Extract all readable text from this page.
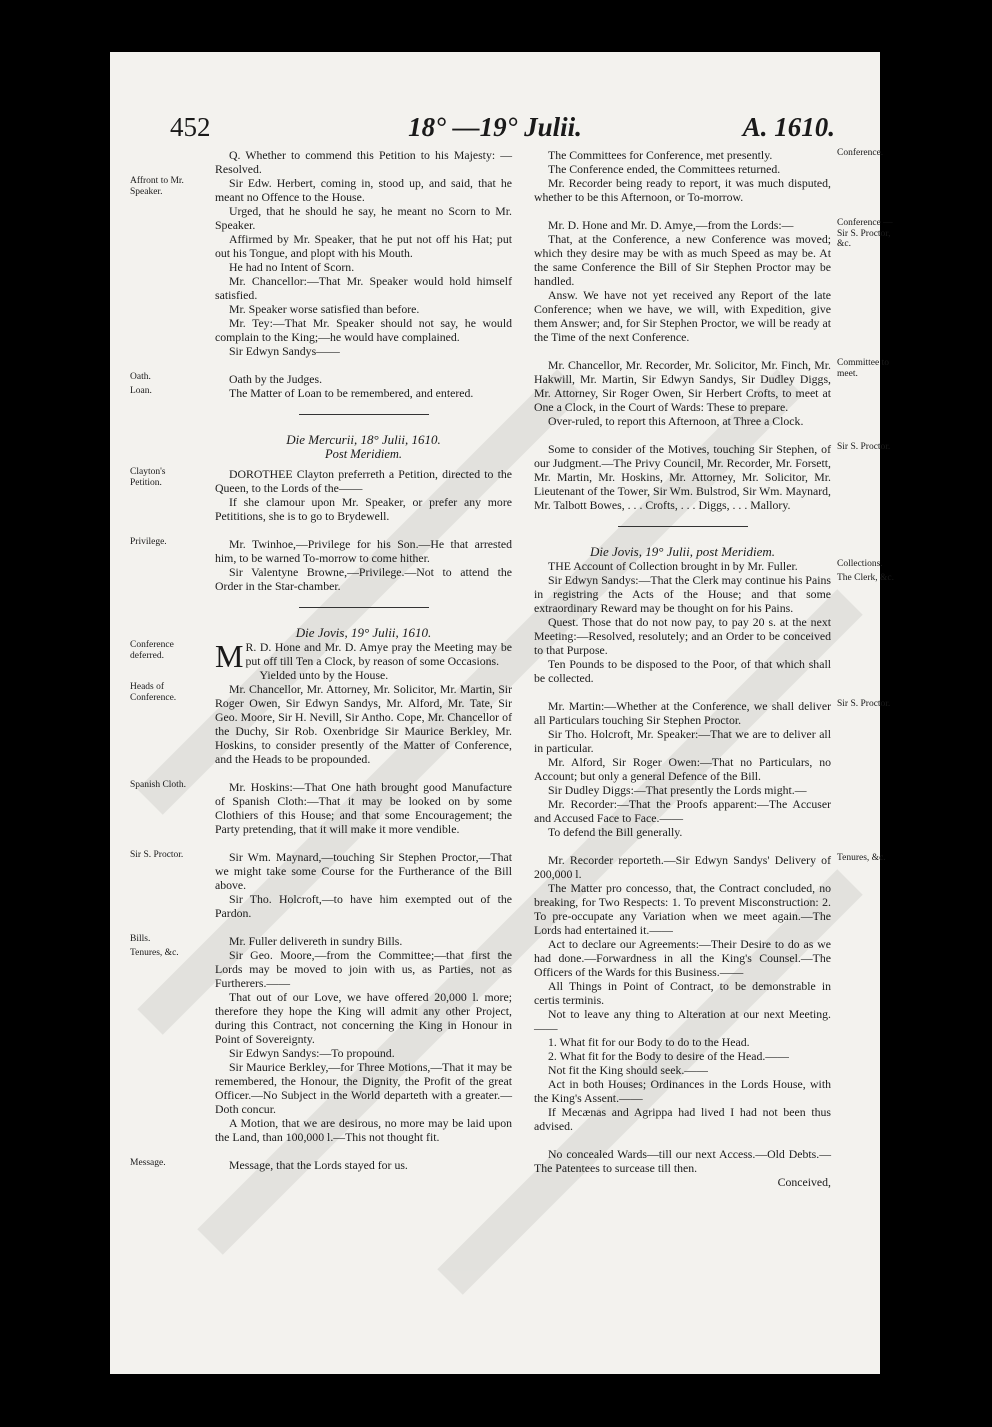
452	18° —19° Julii.	A. 1610.

Q. Whether to commend this Petition to his Majesty: —Resolved.

Affront to Mr. Speaker.
Sir Edw. Herbert, coming in, stood up, and said, that he meant no Offence to the House.

Urged, that he should he say, he meant no Scorn to Mr. Speaker.

Affirmed by Mr. Speaker, that he put not off his Hat; put out his Tongue, and plopt with his Mouth.

He had no Intent of Scorn.

Mr. Chancellor:—That Mr. Speaker would hold himself satisfied.

Mr. Speaker worse satisfied than before.

Mr. Tey:—That Mr. Speaker should not say, he would complain to the King;—he would have complained.

Sir Edwyn Sandys——

Oath.	Oath by the Judges.

Loan.	The Matter of Loan to be remembered, and entered.

Die Mercurii, 18° Julii, 1610.

Post Meridiem.

Clayton's Petition.
DOROTHEE Clayton preferreth a Petition, directed to the Queen, to the Lords of the——

If she clamour upon Mr. Speaker, or prefer any more Petititions, she is to go to Brydewell.

Privilege.	Mr. Twinhoe,—Privilege for his Son.—He that arrested him, to be warned To-morrow to come hither.

Sir Valentyne Browne,—Privilege.—Not to attend the Order in the Star-chamber.

Die Jovis, 19° Julii, 1610.

Conference deferred.	M R. D. Hone and Mr. D. Amye pray the Meeting may be put off till Ten a Clock, by reason of some Occasions.

Yielded unto by the House.

Heads of Conference.
Mr. Chancellor, Mr. Attorney, Mr. Solicitor, Mr. Martin, Sir Roger Owen, Sir Edwyn Sandys, Mr. Alford, Mr. Tate, Sir Geo. Moore, Sir H. Nevill, Sir Antho. Cope, Mr. Chancellor of the Duchy, Sir Rob. Oxenbridge Sir Maurice Berkley, Mr. Hoskins, to consider presently of the Matter of Conference, and the Heads to be propounded.

Spanish Cloth.	Mr. Hoskins:—That One hath brought good Manufacture of Spanish Cloth:—That it may be looked on by some Clothiers of this House; and that some Encouragement; the Party pretending, that it will make it more vendible.

Sir S. Proctor.	Sir Wm. Maynard,—touching Sir Stephen Proctor,—That we might take some Course for the Furtherance of the Bill above.

Sir Tho. Holcroft,—to have him exempted out of the Pardon.

Bills.	Mr. Fuller delivereth in sundry Bills.

Tenures, &c.	Sir Geo. Moore,—from the Committee;—that first the Lords may be moved to join with us, as Parties, not as Furtherers.——

That out of our Love, we have offered 20,000 l. more; therefore they hope the King will admit any other Project, during this Contract, not concerning the King in Honour in Point of Sovereignty.

Sir Edwyn Sandys:—To propound.

Sir Maurice Berkley,—for Three Motions,—That it may be remembered, the Honour, the Dignity, the Profit of the great Officer.—No Subject in the World departeth with a greater.—Doth concur.

A Motion, that we are desirous, no more may be laid upon the Land, than 100,000 l.—This not thought fit.

Message.	Message, that the Lords stayed for us.

Conference.
The Committees for Conference, met presently.

The Conference ended, the Committees returned.

Mr. Recorder being ready to report, it was much disputed, whether to be this Afternoon, or To-morrow.

Conference —Sir S. Proctor, &c.
Mr. D. Hone and Mr. D. Amye,—from the Lords:—

That, at the Conference, a new Conference was moved; which they desire may be with as much Speed as may be. At the same Conference the Bill of Sir Stephen Proctor may be handled.

Answ. We have not yet received any Report of the late Conference; when we have, we will, with Expedition, give them Answer; and, for Sir Stephen Proctor, we will be ready at the Time of the next Conference.

Committee to meet.
Mr. Chancellor, Mr. Recorder, Mr. Solicitor, Mr. Finch, Mr. Hakwill, Mr. Martin, Sir Edwyn Sandys, Sir Dudley Diggs, Mr. Attorney, Sir Roger Owen, Sir Herbert Crofts, to meet at One a Clock, in the Court of Wards: These to prepare.

Over-ruled, to report this Afternoon, at Three a Clock.

Sir S. Proctor.
Some to consider of the Motives, touching Sir Stephen, of our Judgment.—The Privy Council, Mr. Recorder, Mr. Forsett, Mr. Martin, Mr. Hoskins, Mr. Attorney, Mr. Solicitor, Mr. Lieutenant of the Tower, Sir Wm. Bulstrod, Sir Wm. Maynard, Mr. Talbott Bowes, . . . Crofts, . . . Diggs, . . . Mallory.

Die Jovis, 19° Julii, post Meridiem.

Collections.
THE Account of Collection brought in by Mr. Fuller.

The Clerk, &c.
Sir Edwyn Sandys:—That the Clerk may continue his Pains in registring the Acts of the House; and that some extraordinary Reward may be thought on for his Pains.

Quest. Those that do not now pay, to pay 20 s. at the next Meeting:—Resolved, resolutely; and an Order to be conceived to that Purpose.

Ten Pounds to be disposed to the Poor, of that which shall be collected.

Sir S. Proctor.
Mr. Martin:—Whether at the Conference, we shall deliver all Particulars touching Sir Stephen Proctor.

Sir Tho. Holcroft, Mr. Speaker:—That we are to deliver all in particular.

Mr. Alford, Sir Roger Owen:—That no Particulars, no Account; but only a general Defence of the Bill.

Sir Dudley Diggs:—That presently the Lords might.—

Mr. Recorder:—That the Proofs apparent:—The Accuser and Accused Face to Face.——

To defend the Bill generally.

Tenures, &c.
Mr. Recorder reporteth.—Sir Edwyn Sandys' Delivery of 200,000 l.

The Matter pro concesso, that, the Contract concluded, no breaking, for Two Respects: 1. To prevent Misconstruction: 2. To pre-occupate any Variation when we meet again.—The Lords had entertained it.——

Act to declare our Agreements:—Their Desire to do as we had done.—Forwardness in all the King's Counsel.—The Officers of the Wards for this Business.——

All Things in Point of Contract, to be demonstrable in certis terminis.

Not to leave any thing to Alteration at our next Meeting.——

1. What fit for our Body to do to the Head.

2. What fit for the Body to desire of the Head.——

Not fit the King should seek.——

Act in both Houses; Ordinances in the Lords House, with the King's Assent.——

If Mecænas and Agrippa had lived I had not been thus advised.

No concealed Wards—till our next Access.—Old Debts.—The Patentees to surcease till then.

Conceived,
